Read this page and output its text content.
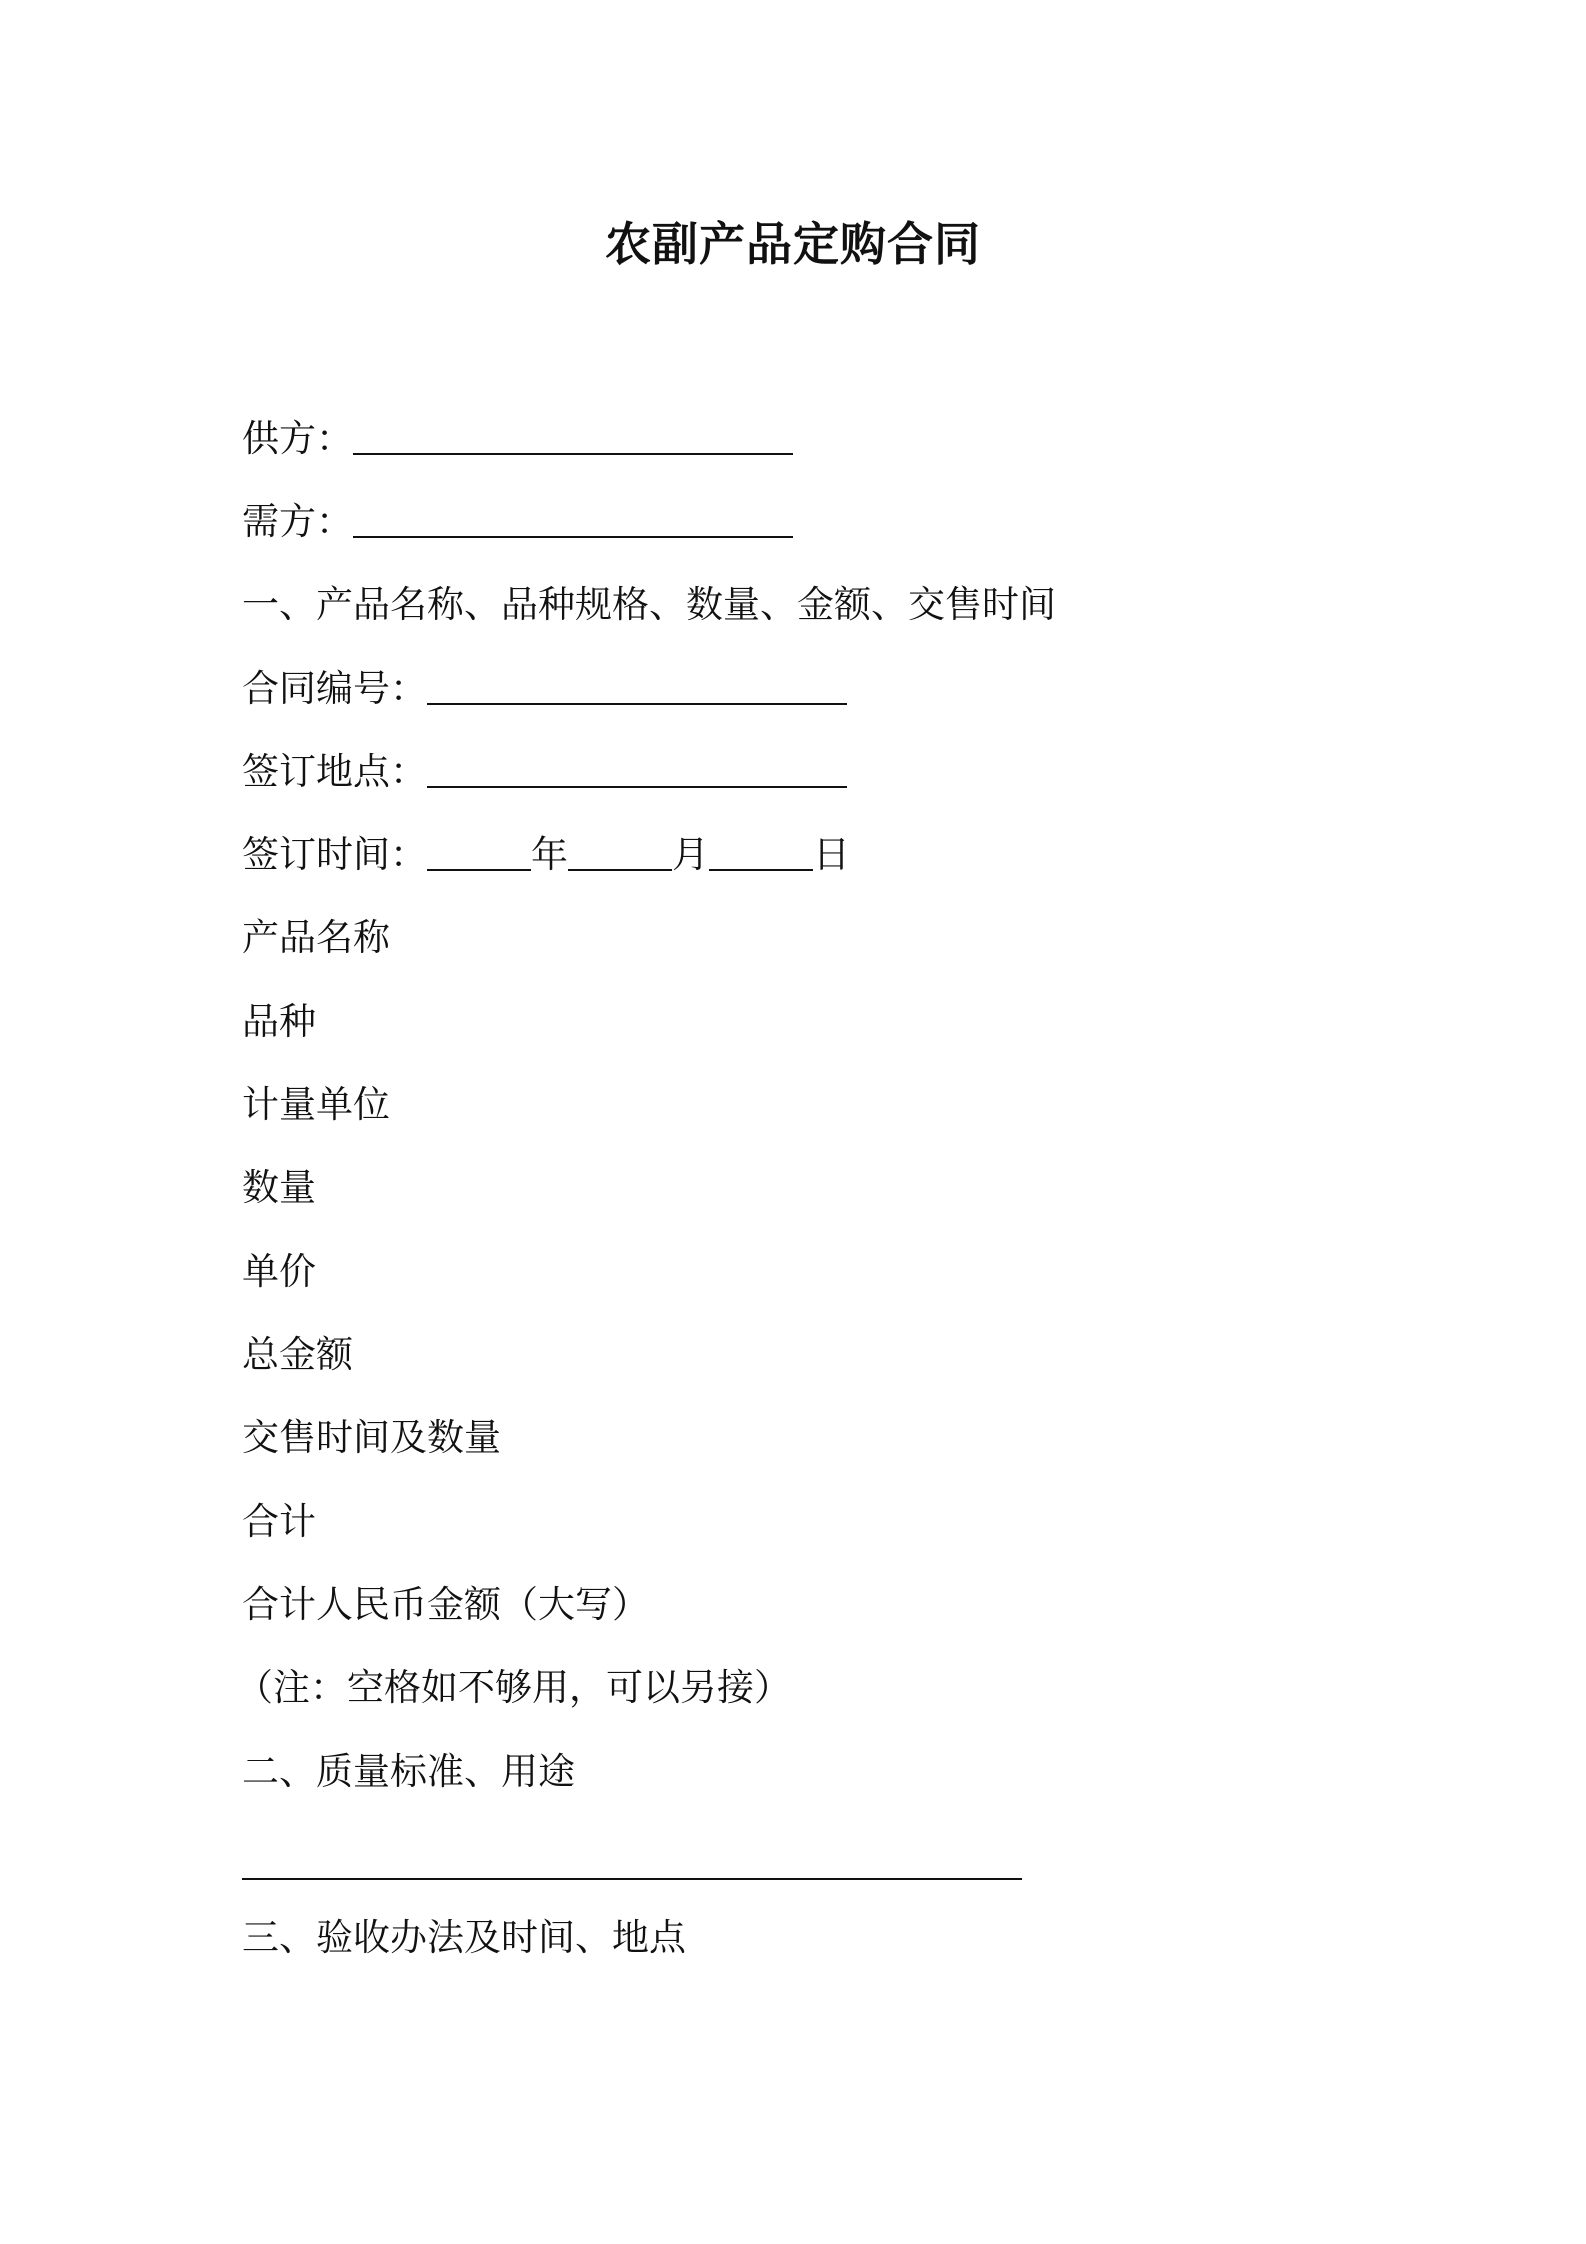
农副产品定购合同
供方：
需方：
一、产品名称、品种规格、数量、金额、交售时间
合同编号：
签订地点：
签订时间：	年	月	日
产品名称
品种
计量单位
数量
单价
总金额
交售时间及数量
合计
合计人民币金额（大写）
（注：空格如不够用，可以另接）
二、质量标准、用途
三、验收办法及时间、地点
